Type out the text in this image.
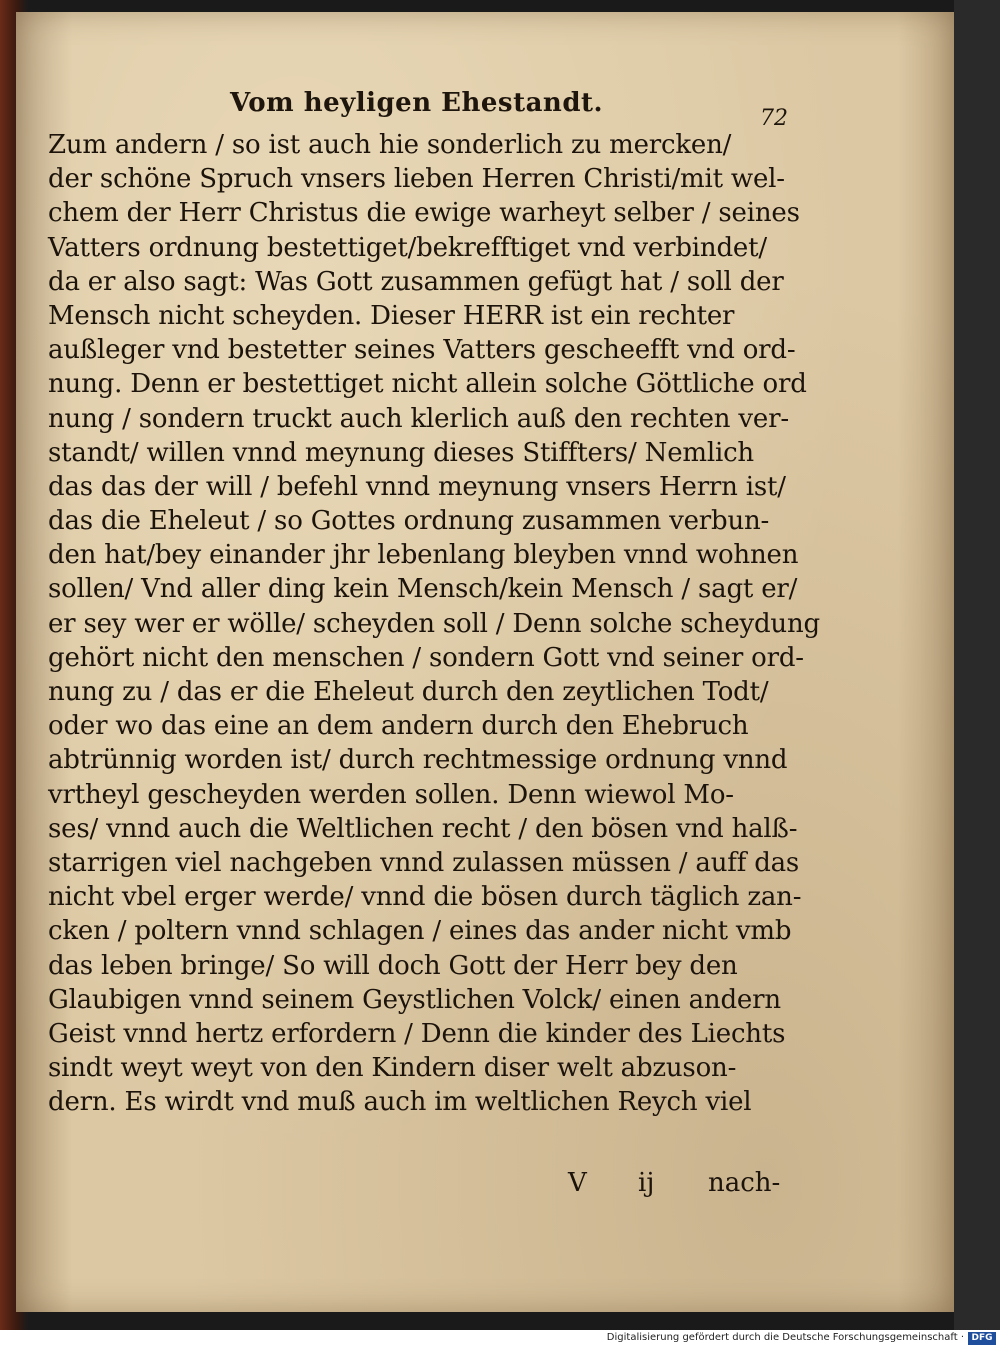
Vom heyligen Ehestandt.
72
Zum andern / so ist auch hie sonderlich zu mercken/
der schöne Spruch vnsers lieben Herren Christi/mit wel-
chem der Herr Christus die ewige warheyt selber / seines
Vatters ordnung bestettiget/bekrefftiget vnd verbindet/
da er also sagt: Was Gott zusammen gefügt hat / soll der
Mensch nicht scheyden. Dieser HERR ist ein rechter
außleger vnd bestetter seines Vatters gescheefft vnd ord-
nung. Denn er bestettiget nicht allein solche Göttliche ord
nung / sondern truckt auch klerlich auß den rechten ver-
standt/ willen vnnd meynung dieses Stiffters/ Nemlich
das das der will / befehl vnnd meynung vnsers Herrn ist/
das die Eheleut / so Gottes ordnung zusammen verbun-
den hat/bey einander jhr lebenlang bleyben vnnd wohnen
sollen/ Vnd aller ding kein Mensch/kein Mensch / sagt er/
er sey wer er wölle/ scheyden soll / Denn solche scheydung
gehört nicht den menschen / sondern Gott vnd seiner ord-
nung zu / das er die Eheleut durch den zeytlichen Todt/
oder wo das eine an dem andern durch den Ehebruch
abtrünnig worden ist/ durch rechtmessige ordnung vnnd
vrtheyl gescheyden werden sollen. Denn wiewol Mo-
ses/ vnnd auch die Weltlichen recht / den bösen vnd halß-
starrigen viel nachgeben vnnd zulassen müssen / auff das
nicht vbel erger werde/ vnnd die bösen durch täglich zan-
cken / poltern vnnd schlagen / eines das ander nicht vmb
das leben bringe/ So will doch Gott der Herr bey den
Glaubigen vnnd seinem Geystlichen Volck/ einen andern
Geist vnnd hertz erfordern / Denn die kinder des Liechts
sindt weyt weyt von den Kindern diser welt abzuson-
dern. Es wirdt vnd muß auch im weltlichen Reych viel
V ij nach-
Digitalisierung gefördert durch die Deutsche Forschungsgemeinschaft · DFG
